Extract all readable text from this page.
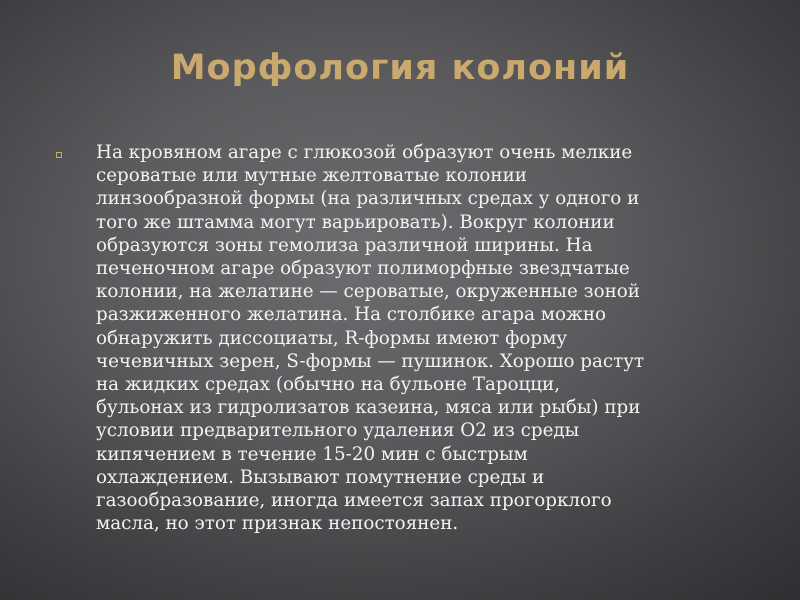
Морфология колоний
На кровяном агаре с глюкозой образуют очень мелкие
сероватые или мутные желтоватые колонии
линзообразной формы (на различных средах у одного и
того же штамма могут варьировать). Вокруг колонии
образуются зоны гемолиза различной ширины. На
печеночном агаре образуют полиморфные звездчатые
колонии, на желатине — сероватые, окруженные зоной
разжиженного желатина. На столбике агара можно
обнаружить диссоциаты, R-формы имеют форму
чечевичных зерен, S-формы — пушинок. Хорошо растут
на жидких средах (обычно на бульоне Тароцци,
бульонах из гидролизатов казеина, мяса или рыбы) при
условии предварительного удаления О2 из среды
кипячением в течение 15-20 мин с быстрым
охлаждением. Вызывают помутнение среды и
газообразование, иногда имеется запах прогорклого
масла, но этот признак непостоянен.
